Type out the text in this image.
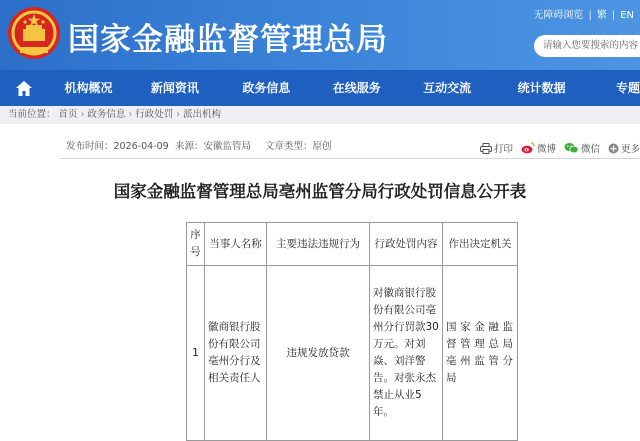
国家金融监督管理总局
无障碍浏览 | 繁 | EN
请输入您要搜索的内容
机构概况	新闻资讯	政务信息	在线服务	互动交流	统计数据	专题
当前位置： 首页 › 政务信息 › 行政处罚 › 派出机构
发布时间：2026-04-09 来源：安徽监管局 文章类型：原创	打印	微博	微信 更多
国家金融监督管理总局亳州监管分局行政处罚信息公开表
序号	当事人名称	主要违法违规行为	行政处罚内容	作出决定机关
1	徽商银行股份有限公司亳州分行及相关责任人	违规发放贷款	对徽商银行股份有限公司亳州分行罚款30万元。对刘焱、刘洋警告。对张永杰禁止从业5年。	国家金融监督管理总局亳州监管分局
